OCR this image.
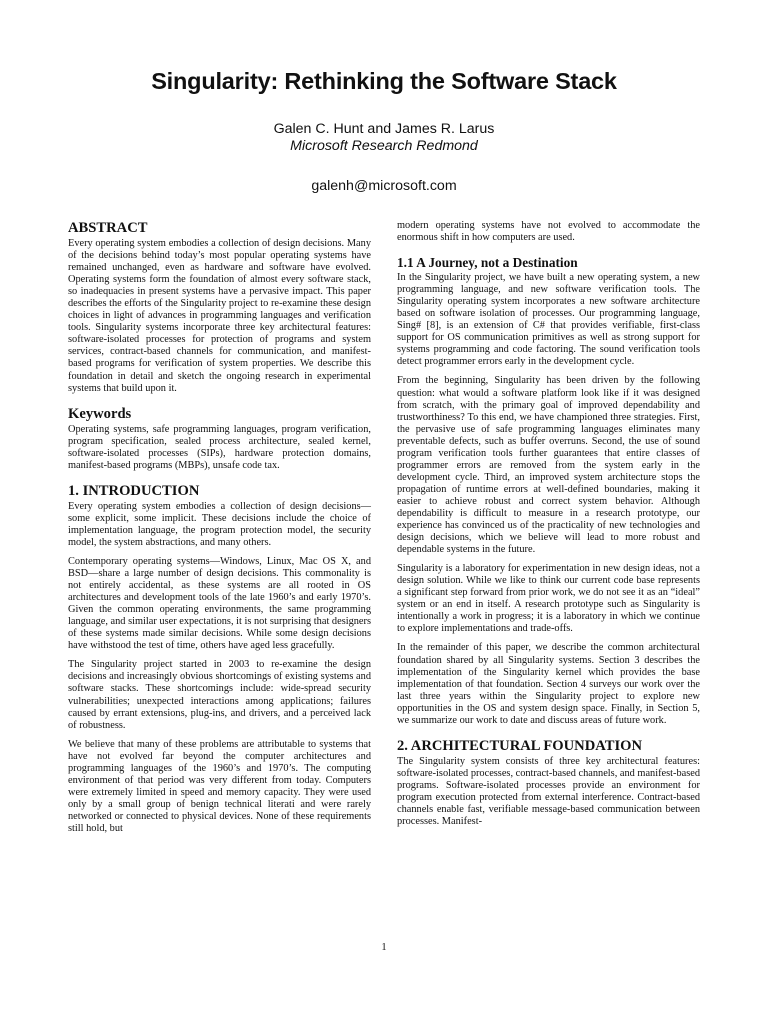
Singularity: Rethinking the Software Stack
Galen C. Hunt and James R. Larus
Microsoft Research Redmond
galenh@microsoft.com
ABSTRACT

Every operating system embodies a collection of design decisions. Many of the decisions behind today’s most popular operating systems have remained unchanged, even as hardware and software have evolved. Operating systems form the foundation of almost every software stack, so inadequacies in present systems have a pervasive impact. This paper describes the efforts of the Singularity project to re-examine these design choices in light of advances in programming languages and verification tools. Singularity systems incorporate three key architectural features: software-isolated processes for protection of programs and system services, contract-based channels for communication, and manifest-based programs for verification of system properties. We describe this foundation in detail and sketch the ongoing research in experimental systems that build upon it.

Keywords

Operating systems, safe programming languages, program verification, program specification, sealed process architecture, sealed kernel, software-isolated processes (SIPs), hardware protection domains, manifest-based programs (MBPs), unsafe code tax.

1. INTRODUCTION

Every operating system embodies a collection of design decisions—some explicit, some implicit. These decisions include the choice of implementation language, the program protection model, the security model, the system abstractions, and many others.

Contemporary operating systems—Windows, Linux, Mac OS X, and BSD—share a large number of design decisions. This commonality is not entirely accidental, as these systems are all rooted in OS architectures and development tools of the late 1960’s and early 1970’s. Given the common operating environments, the same programming language, and similar user expectations, it is not surprising that designers of these systems made similar decisions. While some design decisions have withstood the test of time, others have aged less gracefully.

The Singularity project started in 2003 to re-examine the design decisions and increasingly obvious shortcomings of existing systems and software stacks. These shortcomings include: wide-spread security vulnerabilities; unexpected interactions among applications; failures caused by errant extensions, plug-ins, and drivers, and a perceived lack of robustness.

We believe that many of these problems are attributable to systems that have not evolved far beyond the computer architectures and programming languages of the 1960’s and 1970’s. The computing environment of that period was very different from today. Computers were extremely limited in speed and memory capacity. They were used only by a small group of benign technical literati and were rarely networked or connected to physical devices. None of these requirements still hold, but

modern operating systems have not evolved to accommodate the enormous shift in how computers are used.

1.1 A Journey, not a Destination

In the Singularity project, we have built a new operating system, a new programming language, and new software verification tools. The Singularity operating system incorporates a new software architecture based on software isolation of processes. Our programming language, Sing# [8], is an extension of C# that provides verifiable, first-class support for OS communication primitives as well as strong support for systems programming and code factoring. The sound verification tools detect programmer errors early in the development cycle.

From the beginning, Singularity has been driven by the following question: what would a software platform look like if it was designed from scratch, with the primary goal of improved dependability and trustworthiness? To this end, we have championed three strategies. First, the pervasive use of safe programming languages eliminates many preventable defects, such as buffer overruns. Second, the use of sound program verification tools further guarantees that entire classes of programmer errors are removed from the system early in the development cycle. Third, an improved system architecture stops the propagation of runtime errors at well-defined boundaries, making it easier to achieve robust and correct system behavior. Although dependability is difficult to measure in a research prototype, our experience has convinced us of the practicality of new technologies and design decisions, which we believe will lead to more robust and dependable systems in the future.

Singularity is a laboratory for experimentation in new design ideas, not a design solution. While we like to think our current code base represents a significant step forward from prior work, we do not see it as an “ideal” system or an end in itself. A research prototype such as Singularity is intentionally a work in progress; it is a laboratory in which we continue to explore implementations and trade-offs.

In the remainder of this paper, we describe the common architectural foundation shared by all Singularity systems. Section 3 describes the implementation of the Singularity kernel which provides the base implementation of that foundation. Section 4 surveys our work over the last three years within the Singularity project to explore new opportunities in the OS and system design space. Finally, in Section 5, we summarize our work to date and discuss areas of future work.

2. ARCHITECTURAL FOUNDATION

The Singularity system consists of three key architectural features: software-isolated processes, contract-based channels, and manifest-based programs. Software-isolated processes provide an environment for program execution protected from external interference. Contract-based channels enable fast, verifiable message-based communication between processes. Manifest-

1
